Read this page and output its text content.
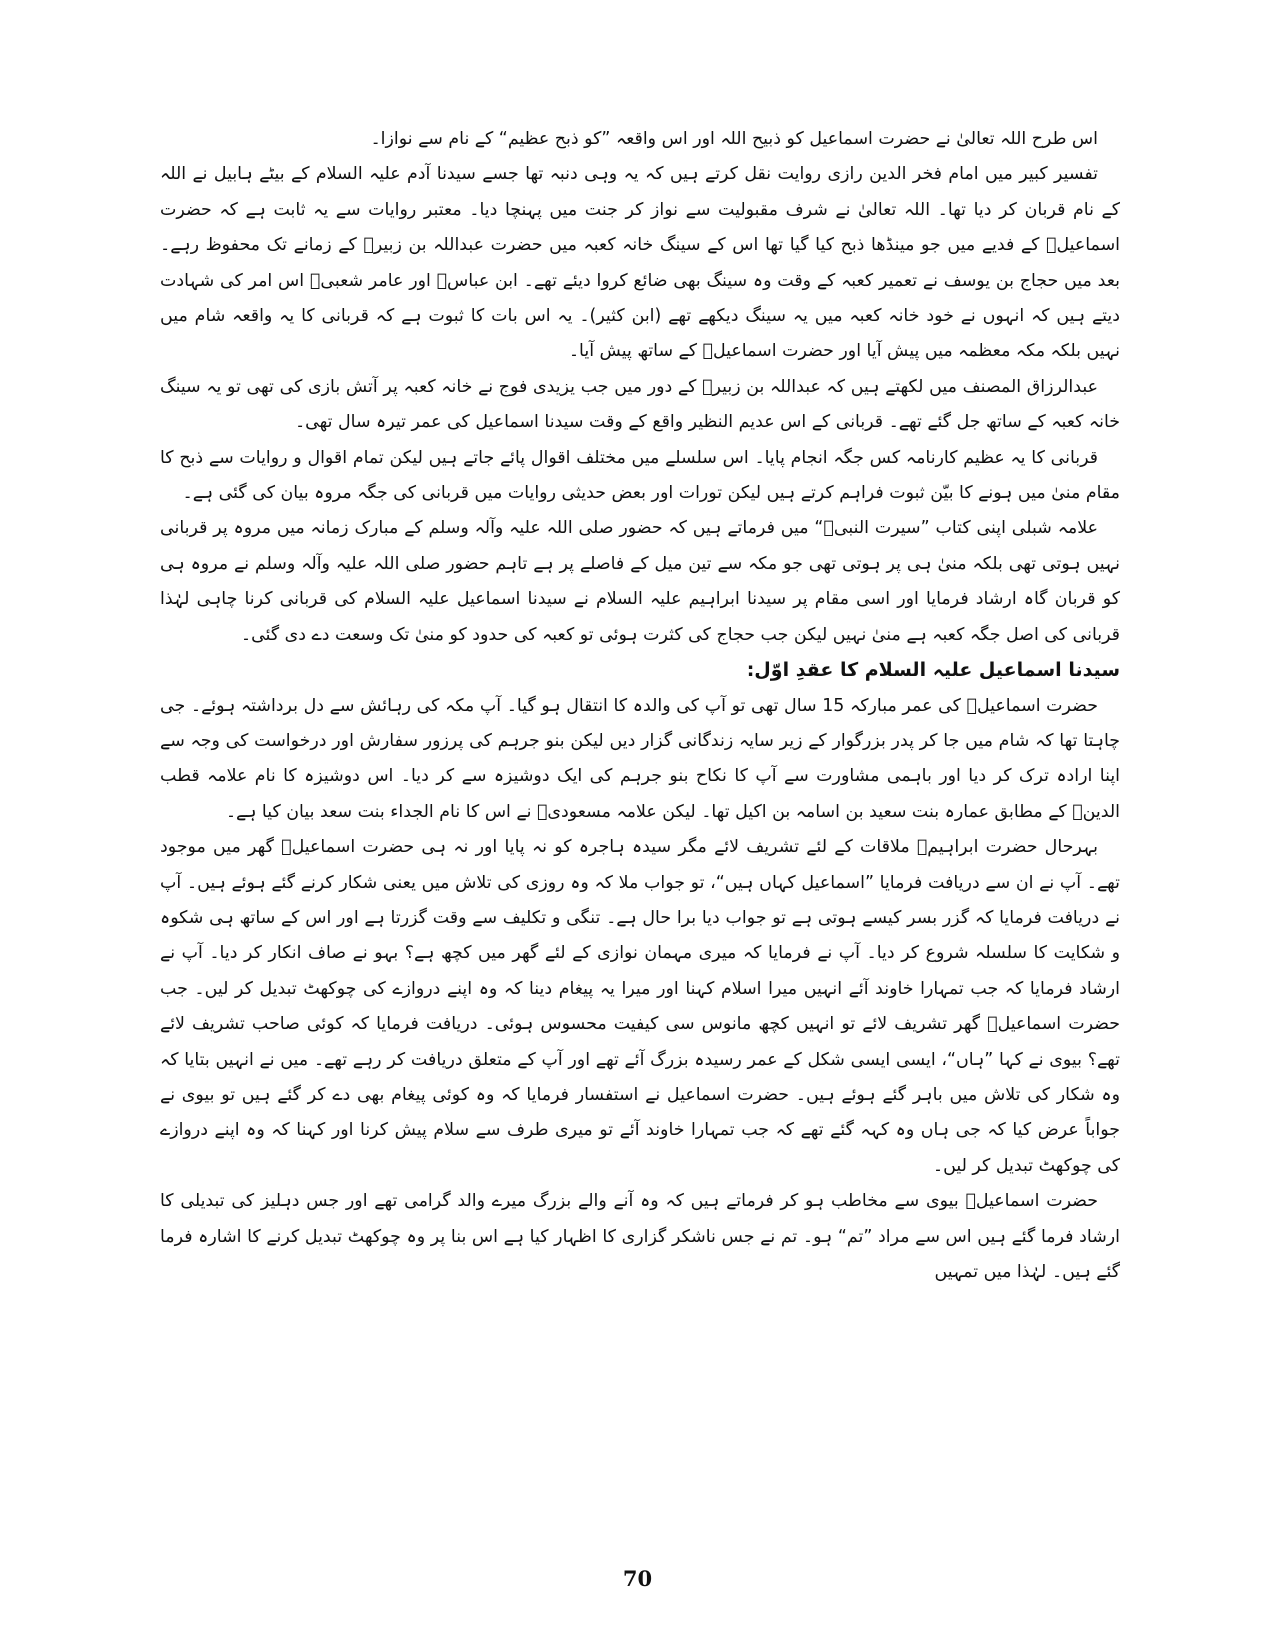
اس طرح اللہ تعالیٰ نے حضرت اسماعیل کو ذبیح اللہ اور اس واقعہ ”کو ذبح عظیم“ کے نام سے نوازا۔

تفسیر کبیر میں امام فخر الدین رازی روایت نقل کرتے ہیں کہ یہ وہی دنبہ تھا جسے سیدنا آدم علیہ السلام کے بیٹے ہابیل نے اللہ کے نام قربان کر دیا تھا۔ اللہ تعالیٰ نے شرف مقبولیت سے نواز کر جنت میں پہنچا دیا۔ معتبر روایات سے یہ ثابت ہے کہ حضرت اسماعیلؑ کے فدیے میں جو مینڈھا ذبح کیا گیا تھا اس کے سینگ خانہ کعبہ میں حضرت عبداللہ بن زبیرؓ کے زمانے تک محفوظ رہے۔ بعد میں حجاج بن یوسف نے تعمیر کعبہ کے وقت وہ سینگ بھی ضائع کروا دیئے تھے۔ ابن عباسؓ اور عامر شعبیؒ اس امر کی شہادت دیتے ہیں کہ انہوں نے خود خانہ کعبہ میں یہ سینگ دیکھے تھے (ابن کثیر)۔ یہ اس بات کا ثبوت ہے کہ قربانی کا یہ واقعہ شام میں نہیں بلکہ مکہ معظمہ میں پیش آیا اور حضرت اسماعیلؑ کے ساتھ پیش آیا۔

عبدالرزاق المصنف میں لکھتے ہیں کہ عبداللہ بن زبیرؓ کے دور میں جب یزیدی فوج نے خانہ کعبہ پر آتش بازی کی تھی تو یہ سینگ خانہ کعبہ کے ساتھ جل گئے تھے۔ قربانی کے اس عدیم النظیر واقع کے وقت سیدنا اسماعیل کی عمر تیرہ سال تھی۔

قربانی کا یہ عظیم کارنامہ کس جگہ انجام پایا۔ اس سلسلے میں مختلف اقوال پائے جاتے ہیں لیکن تمام اقوال و روایات سے ذبح کا مقام منیٰ میں ہونے کا بیّن ثبوت فراہم کرتے ہیں لیکن تورات اور بعض حدیثی روایات میں قربانی کی جگہ مروہ بیان کی گئی ہے۔

علامہ شبلی اپنی کتاب ”سیرت النبیؐ“ میں فرماتے ہیں کہ حضور صلی اللہ علیہ وآلہ وسلم کے مبارک زمانہ میں مروہ پر قربانی نہیں ہوتی تھی بلکہ منیٰ ہی پر ہوتی تھی جو مکہ سے تین میل کے فاصلے پر ہے تاہم حضور صلی اللہ علیہ وآلہ وسلم نے مروہ ہی کو قربان گاہ ارشاد فرمایا اور اسی مقام پر سیدنا ابراہیم علیہ السلام نے سیدنا اسماعیل علیہ السلام کی قربانی کرنا چاہی لہٰذا قربانی کی اصل جگہ کعبہ ہے منیٰ نہیں لیکن جب حجاج کی کثرت ہوئی تو کعبہ کی حدود کو منیٰ تک وسعت دے دی گئی۔

سیدنا اسماعیل علیہ السلام کا عقدِ اوّل:

حضرت اسماعیلؑ کی عمر مبارکہ 15 سال تھی تو آپ کی والدہ کا انتقال ہو گیا۔ آپ مکہ کی رہائش سے دل برداشتہ ہوئے۔ جی چاہتا تھا کہ شام میں جا کر پدر بزرگوار کے زیر سایہ زندگانی گزار دیں لیکن بنو جرہم کی پرزور سفارش اور درخواست کی وجہ سے اپنا ارادہ ترک کر دیا اور باہمی مشاورت سے آپ کا نکاح بنو جرہم کی ایک دوشیزہ سے کر دیا۔ اس دوشیزہ کا نام علامہ قطب الدینؒ کے مطابق عمارہ بنت سعید بن اسامہ بن اکیل تھا۔ لیکن علامہ مسعودیؒ نے اس کا نام الجداء بنت سعد بیان کیا ہے۔

بہرحال حضرت ابراہیمؑ ملاقات کے لئے تشریف لائے مگر سیدہ ہاجرہ کو نہ پایا اور نہ ہی حضرت اسماعیلؑ گھر میں موجود تھے۔ آپ نے ان سے دریافت فرمایا ”اسماعیل کہاں ہیں“، تو جواب ملا کہ وہ روزی کی تلاش میں یعنی شکار کرنے گئے ہوئے ہیں۔ آپ نے دریافت فرمایا کہ گزر بسر کیسے ہوتی ہے تو جواب دیا برا حال ہے۔ تنگی و تکلیف سے وقت گزرتا ہے اور اس کے ساتھ ہی شکوہ و شکایت کا سلسلہ شروع کر دیا۔ آپ نے فرمایا کہ میری مہمان نوازی کے لئے گھر میں کچھ ہے؟ بہو نے صاف انکار کر دیا۔ آپ نے ارشاد فرمایا کہ جب تمہارا خاوند آئے انہیں میرا اسلام کہنا اور میرا یہ پیغام دینا کہ وہ اپنے دروازے کی چوکھٹ تبدیل کر لیں۔ جب حضرت اسماعیلؑ گھر تشریف لائے تو انہیں کچھ مانوس سی کیفیت محسوس ہوئی۔ دریافت فرمایا کہ کوئی صاحب تشریف لائے تھے؟ بیوی نے کہا ”ہاں“، ایسی ایسی شکل کے عمر رسیدہ بزرگ آئے تھے اور آپ کے متعلق دریافت کر رہے تھے۔ میں نے انہیں بتایا کہ وہ شکار کی تلاش میں باہر گئے ہوئے ہیں۔ حضرت اسماعیل نے استفسار فرمایا کہ وہ کوئی پیغام بھی دے کر گئے ہیں تو بیوی نے جواباً عرض کیا کہ جی ہاں وہ کہہ گئے تھے کہ جب تمہارا خاوند آئے تو میری طرف سے سلام پیش کرنا اور کہنا کہ وہ اپنے دروازے کی چوکھٹ تبدیل کر لیں۔

حضرت اسماعیلؑ بیوی سے مخاطب ہو کر فرماتے ہیں کہ وہ آنے والے بزرگ میرے والد گرامی تھے اور جس دہلیز کی تبدیلی کا ارشاد فرما گئے ہیں اس سے مراد ”تم“ ہو۔ تم نے جس ناشکر گزاری کا اظہار کیا ہے اس بنا پر وہ چوکھٹ تبدیل کرنے کا اشارہ فرما گئے ہیں۔ لہٰذا میں تمہیں

70
